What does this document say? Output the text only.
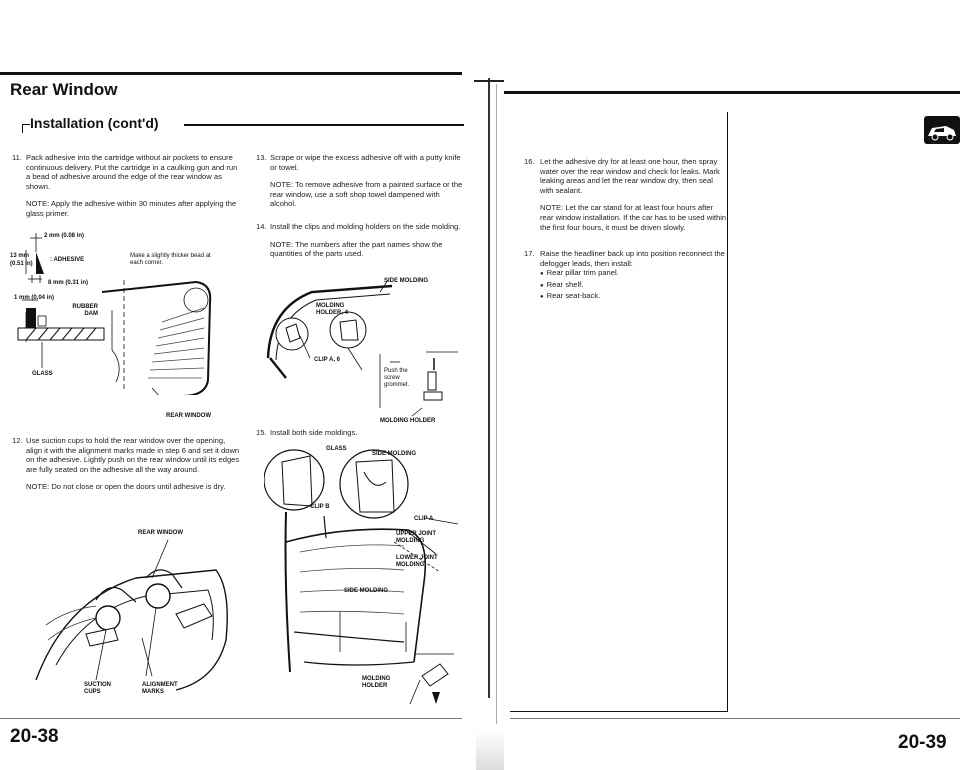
Rear Window
Installation (cont'd)
11. Pack adhesive into the cartridge without air pockets to ensure continuous delivery. Put the cartridge in a caulking gun and run a bead of adhesive around the edge of the rear window as shown.
NOTE: Apply the adhesive within 30 minutes after applying the glass primer.
2 mm (0.08 in)
13 mm
(0.51 in)
: ADHESIVE
Make a slightly thicker bead at each corner.
8 mm (0.31 in)
1 mm (0.04 in)
RUBBER DAM
GLASS
REAR WINDOW
12. Use suction cups to hold the rear window over the opening, align it with the alignment marks made in step 6 and set it down on the adhesive. Lightly push on the rear window until its edges are fully seated on the adhesive all the way around.
NOTE: Do not close or open the doors until adhesive is dry.
REAR WINDOW
SUCTION CUPS
ALIGNMENT MARKS
20-38
13. Scrape or wipe the excess adhesive off with a putty knife or towel.
NOTE: To remove adhesive from a painted surface or the rear window, use a soft shop towel dampened with alcohol.
14. Install the clips and molding holders on the side molding.
NOTE: The numbers after the part names show the quantities of the parts used.
SIDE MOLDING
MOLDING HOLDER, 4
CLIP A, 6
Push the screw grommet.
MOLDING HOLDER
15. Install both side moldings.
GLASS
SIDE MOLDING
CLIP B
CLIP A
UPPER JOINT MOLDING
LOWER JOINT MOLDING
SIDE MOLDING
MOLDING HOLDER
16. Let the adhesive dry for at least one hour, then spray water over the rear window and check for leaks. Mark leaking areas and let the rear window dry, then seal with sealant.
NOTE: Let the car stand for at least four hours after rear window installation. If the car has to be used within the first four hours, it must be driven slowly.
17. Raise the headliner back up into position reconnect the defogger leads, then install:
● Rear pillar trim panel.
● Rear shelf.
● Rear seat-back.
20-39
